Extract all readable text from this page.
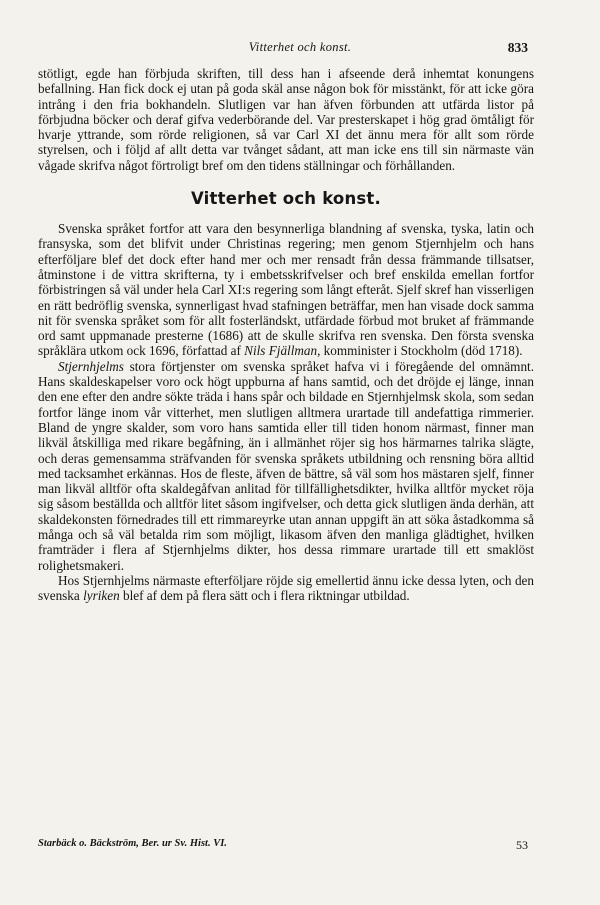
Vitterhet och konst.	833

stötligt, egde han förbjuda skriften, till dess han i afseende derå inhemtat konungens befallning. Han fick dock ej utan på goda skäl anse någon bok för misstänkt, för att icke göra intrång i den fria bokhandeln. Slutligen var han äfven förbunden att utfärda listor på förbjudna böcker och deraf gifva vederbörande del. Var presterskapet i hög grad ömtåligt för hvarje yttrande, som rörde religionen, så var Carl XI det ännu mera för allt som rörde styrelsen, och i följd af allt detta var tvånget sådant, att man icke ens till sin närmaste vän vågade skrifva något förtroligt bref om den tidens ställningar och förhållanden.

Vitterhet och konst.

Svenska språket fortfor att vara den besynnerliga blandning af svenska, tyska, latin och fransyska, som det blifvit under Christinas regering; men genom Stjernhjelm och hans efterföljare blef det dock efter hand mer och mer rensadt från dessa främmande tillsatser, åtminstone i de vittra skrifterna, ty i embetsskrifvelser och bref enskilda emellan fortfor förbistringen så väl under hela Carl XI:s regering som långt efteråt. Sjelf skref han visserligen en rätt bedröflig svenska, synnerligast hvad stafningen beträffar, men han visade dock samma nit för svenska språket som för allt fosterländskt, utfärdade förbud mot bruket af främmande ord samt uppmanade presterne (1686) att de skulle skrifva ren svenska. Den första svenska språklära utkom ock 1696, författad af Nils Fjällman, komminister i Stockholm (död 1718).

Stjernhjelms stora förtjenster om svenska språket hafva vi i föregående del omnämnt. Hans skaldeskapelser voro ock högt uppburna af hans samtid, och det dröjde ej länge, innan den ene efter den andre sökte träda i hans spår och bildade en Stjernhjelmsk skola, som sedan fortfor länge inom vår vitterhet, men slutligen alltmera urartade till andefattiga rimmerier. Bland de yngre skalder, som voro hans samtida eller till tiden honom närmast, finner man likväl åtskilliga med rikare begåfning, än i allmänhet röjer sig hos härmarnes talrika slägte, och deras gemensamma sträfvanden för svenska språkets utbildning och rensning böra alltid med tacksamhet erkännas. Hos de fleste, äfven de bättre, så väl som hos mästaren sjelf, finner man likväl alltför ofta skaldegåfvan anlitad för tillfällighetsdikter, hvilka alltför mycket röja sig såsom beställda och alltför litet såsom ingifvelser, och detta gick slutligen ända derhän, att skaldekonsten förnedrades till ett rimmareyrke utan annan uppgift än att söka åstadkomma så många och så väl betalda rim som möjligt, likasom äfven den manliga glädtighet, hvilken framträder i flera af Stjernhjelms dikter, hos dessa rimmare urartade till ett smaklöst rolighetsmakeri.

Hos Stjernhjelms närmaste efterföljare röjde sig emellertid ännu icke dessa lyten, och den svenska lyriken blef af dem på flera sätt och i flera riktningar utbildad.

Starbäck o. Bäckström, Ber. ur Sv. Hist. VI.	53
